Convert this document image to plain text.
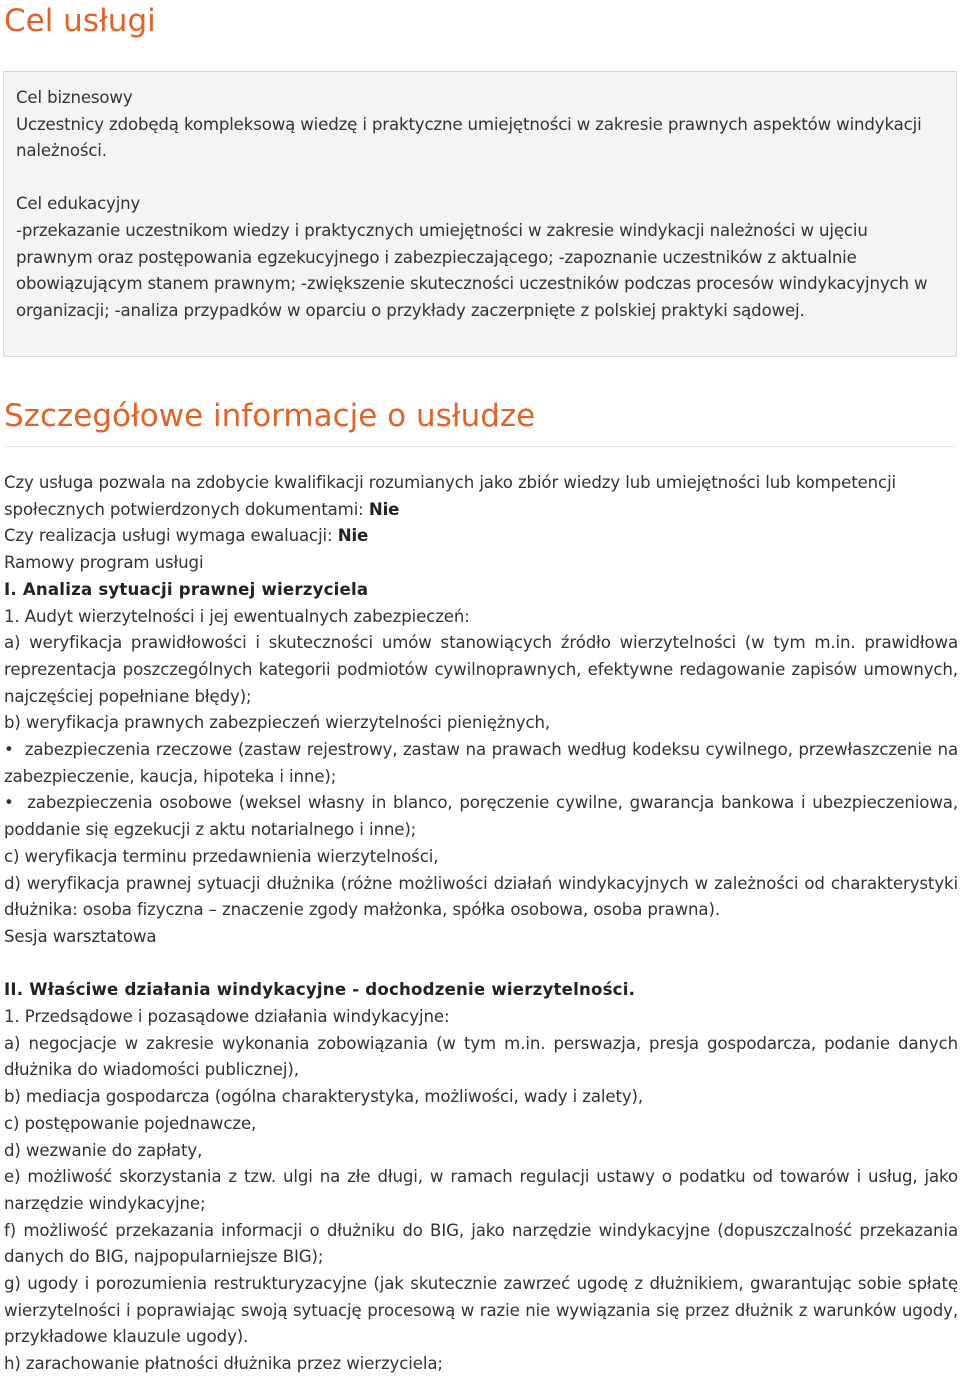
Cel usługi

Cel biznesowy

Uczestnicy zdobędą kompleksową wiedzę i praktyczne umiejętności w zakresie prawnych aspektów windykacji należności.

Cel edukacyjny

-przekazanie uczestnikom wiedzy i praktycznych umiejętności w zakresie windykacji należności w ujęciu prawnym oraz postępowania egzekucyjnego i zabezpieczającego; -zapoznanie uczestników z aktualnie obowiązującym stanem prawnym; -zwiększenie skuteczności uczestników podczas procesów windykacyjnych w organizacji; -analiza przypadków w oparciu o przykłady zaczerpnięte z polskiej praktyki sądowej.

Szczegółowe informacje o usłudze

Czy usługa pozwala na zdobycie kwalifikacji rozumianych jako zbiór wiedzy lub umiejętności lub kompetencji społecznych potwierdzonych dokumentami: Nie

Czy realizacja usługi wymaga ewaluacji: Nie

Ramowy program usługi

I. Analiza sytuacji prawnej wierzyciela

1. Audyt wierzytelności i jej ewentualnych zabezpieczeń:

a) weryfikacja prawidłowości i skuteczności umów stanowiących źródło wierzytelności (w tym m.in. prawidłowa reprezentacja poszczególnych kategorii podmiotów cywilnoprawnych, efektywne redagowanie zapisów umownych, najczęściej popełniane błędy);

b) weryfikacja prawnych zabezpieczeń wierzytelności pieniężnych,

•  zabezpieczenia rzeczowe (zastaw rejestrowy, zastaw na prawach według kodeksu cywilnego, przewłaszczenie na zabezpieczenie, kaucja, hipoteka i inne);

•  zabezpieczenia osobowe (weksel własny in blanco, poręczenie cywilne, gwarancja bankowa i ubezpieczeniowa, poddanie się egzekucji z aktu notarialnego i inne);

c) weryfikacja terminu przedawnienia wierzytelności,

d) weryfikacja prawnej sytuacji dłużnika (różne możliwości działań windykacyjnych w zależności od charakterystyki dłużnika: osoba fizyczna – znaczenie zgody małżonka, spółka osobowa, osoba prawna).

Sesja warsztatowa

II. Właściwe działania windykacyjne - dochodzenie wierzytelności.

1. Przedsądowe i pozasądowe działania windykacyjne:

a) negocjacje w zakresie wykonania zobowiązania (w tym m.in. perswazja, presja gospodarcza, podanie danych dłużnika do wiadomości publicznej),

b) mediacja gospodarcza (ogólna charakterystyka, możliwości, wady i zalety),

c) postępowanie pojednawcze,

d) wezwanie do zapłaty,

e) możliwość skorzystania z tzw. ulgi na złe długi, w ramach regulacji ustawy o podatku od towarów i usług, jako narzędzie windykacyjne;

f) możliwość przekazania informacji o dłużniku do BIG, jako narzędzie windykacyjne (dopuszczalność przekazania danych do BIG, najpopularniejsze BIG);

g) ugody i porozumienia restrukturyzacyjne (jak skutecznie zawrzeć ugodę z dłużnikiem, gwarantując sobie spłatę wierzytelności i poprawiając swoją sytuację procesową w razie nie wywiązania się przez dłużnik z warunków ugody, przykładowe klauzule ugody).

h) zarachowanie płatności dłużnika przez wierzyciela;
